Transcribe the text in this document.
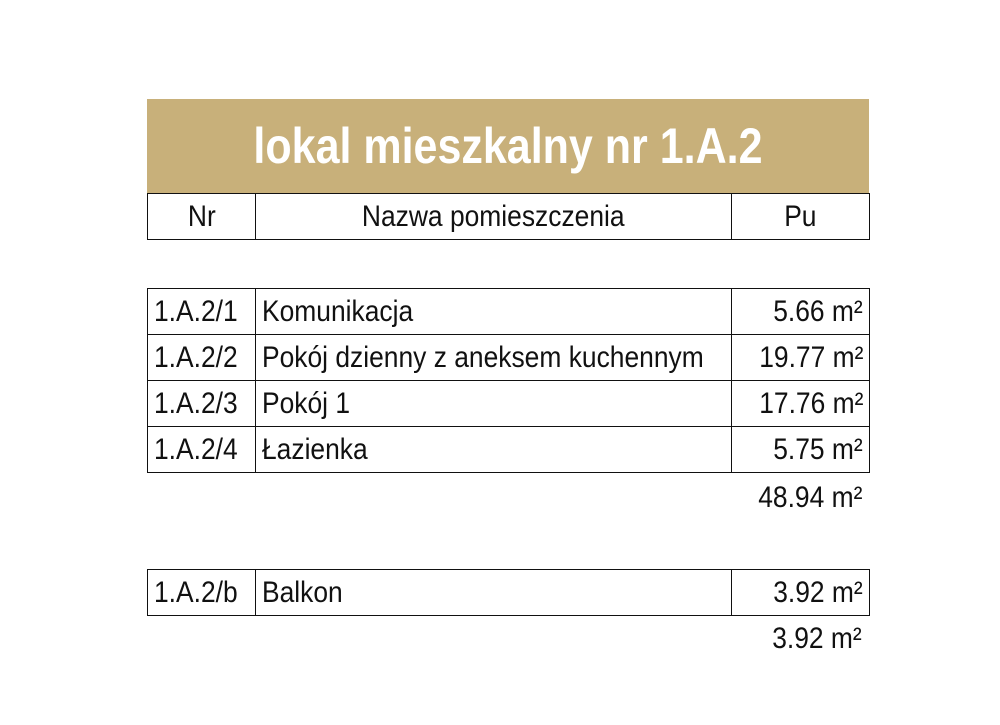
lokal mieszkalny nr 1.A.2
Nr	Nazwa pomieszczenia	Pu
1.A.2/1	Komunikacja	5.66 m²
1.A.2/2	Pokój dzienny z aneksem kuchennym	19.77 m²
1.A.2/3	Pokój 1	17.76 m²
1.A.2/4	Łazienka	5.75 m²
48.94 m²
1.A.2/b	Balkon	3.92 m²
3.92 m²
